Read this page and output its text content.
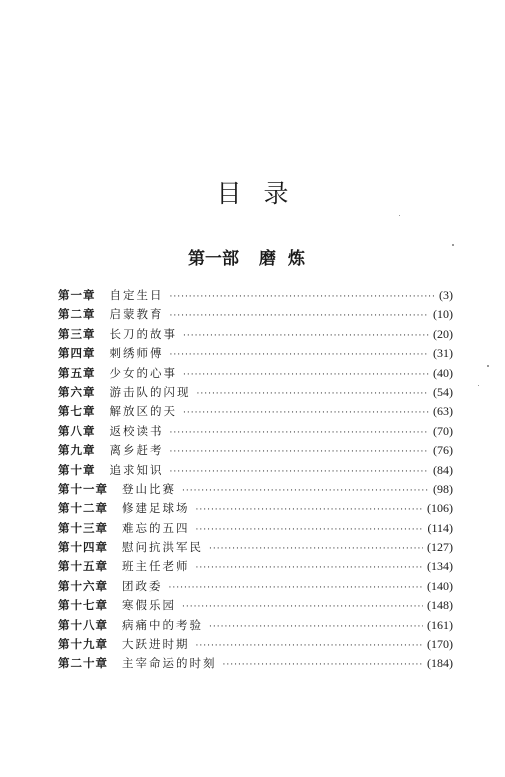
目录
第一部 磨炼
第一章	自定生日 ·····	(3)
第二章	启蒙教育 ·····	(10)
第三章	长刀的故事 ·····	(20)
第四章	刺绣师傅 ·····	(31)
第五章	少女的心事 ·····	(40)
第六章	游击队的闪现 ·····	(54)
第七章	解放区的天 ·····	(63)
第八章	返校读书 ·····	(70)
第九章	离乡赶考 ·····	(76)
第十章	追求知识 ·····	(84)
第十一章	登山比赛 ·····	(98)
第十二章	修建足球场 ·····	(106)
第十三章	难忘的五四 ·····	(114)
第十四章	慰问抗洪军民 ·····	(127)
第十五章	班主任老师 ·····	(134)
第十六章	团政委 ·····	(140)
第十七章	寒假乐园 ·····	(148)
第十八章	病痛中的考验 ·····	(161)
第十九章	大跃进时期 ·····	(170)
第二十章	主宰命运的时刻 ·····	(184)
